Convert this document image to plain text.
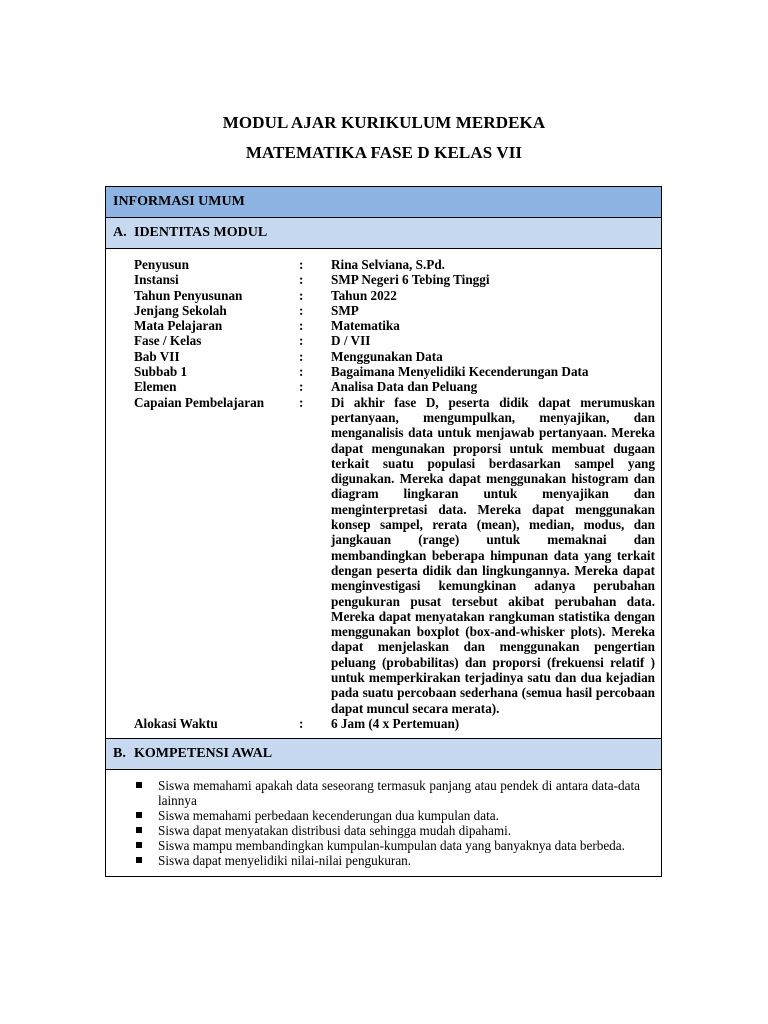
MODUL AJAR KURIKULUM MERDEKA
MATEMATIKA FASE D KELAS VII
INFORMASI UMUM
A. IDENTITAS MODUL
Penyusun	:	Rina Selviana, S.Pd.
Instansi	:	SMP Negeri 6 Tebing Tinggi
Tahun Penyusunan	:	Tahun 2022
Jenjang Sekolah	:	SMP
Mata Pelajaran	:	Matematika
Fase / Kelas	:	D / VII
Bab VII	:	Menggunakan Data
Subbab 1	:	Bagaimana Menyelidiki Kecenderungan Data
Elemen	:	Analisa Data dan Peluang
Capaian Pembelajaran	:	Di akhir fase D, peserta didik dapat merumuskan pertanyaan, mengumpulkan, menyajikan, dan menganalisis data untuk menjawab pertanyaan. Mereka dapat mengunakan proporsi untuk membuat dugaan terkait suatu populasi berdasarkan sampel yang digunakan. Mereka dapat menggunakan histogram dan diagram lingkaran untuk menyajikan dan menginterpretasi data. Mereka dapat menggunakan konsep sampel, rerata (mean), median, modus, dan jangkauan (range) untuk memaknai dan membandingkan beberapa himpunan data yang terkait dengan peserta didik dan lingkungannya. Mereka dapat menginvestigasi kemungkinan adanya perubahan pengukuran pusat tersebut akibat perubahan data. Mereka dapat menyatakan rangkuman statistika dengan menggunakan boxplot (box-and-whisker plots). Mereka dapat menjelaskan dan menggunakan pengertian peluang (probabilitas) dan proporsi (frekuensi relatif ) untuk memperkirakan terjadinya satu dan dua kejadian pada suatu percobaan sederhana (semua hasil percobaan dapat muncul secara merata).
Alokasi Waktu	:	6 Jam (4 x Pertemuan)
B. KOMPETENSI AWAL
Siswa memahami apakah data seseorang termasuk panjang atau pendek di antara data-data lainnya
Siswa memahami perbedaan kecenderungan dua kumpulan data.
Siswa dapat menyatakan distribusi data sehingga mudah dipahami.
Siswa mampu membandingkan kumpulan-kumpulan data yang banyaknya data berbeda.
Siswa dapat menyelidiki nilai-nilai pengukuran.
